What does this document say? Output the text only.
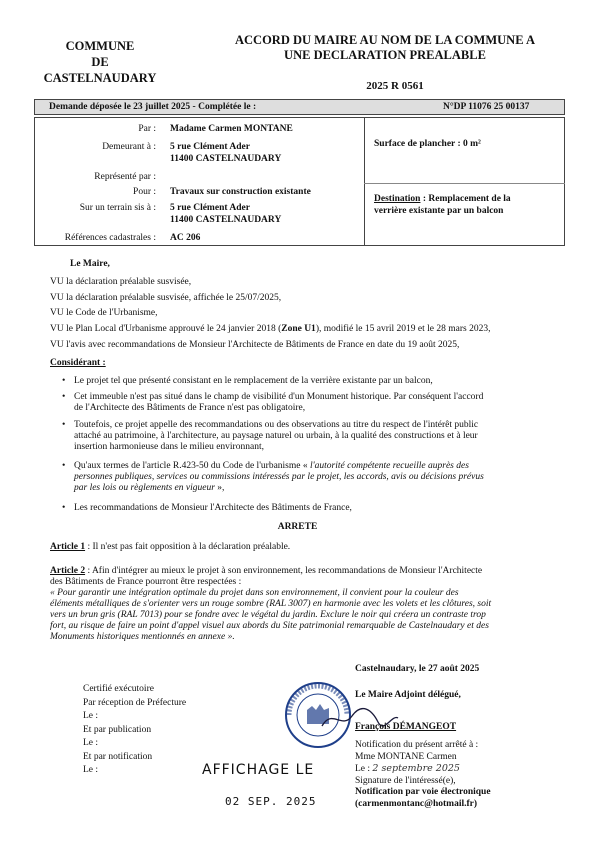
COMMUNE
DE
CASTELNAUDARY
ACCORD DU MAIRE AU NOM DE LA COMMUNE A
UNE DECLARATION PREALABLE
2025 R 0561
Demande déposée le 23 juillet 2025 - Complétée le :	N°DP 11076 25 00137
Par : Madame Carmen MONTANE
Demeurant à : 5 rue Clément Ader
11400 CASTELNAUDARY
Représenté par :
Pour : Travaux sur construction existante
Sur un terrain sis à : 5 rue Clément Ader
11400 CASTELNAUDARY
Références cadastrales : AC 206
Surface de plancher : 0 m²
Destination : Remplacement de la
verrière existante par un balcon
Le Maire,
VU la déclaration préalable susvisée,
VU la déclaration préalable susvisée, affichée le 25/07/2025,
VU le Code de l'Urbanisme,
VU le Plan Local d'Urbanisme approuvé le 24 janvier 2018 (Zone U1), modifié le 15 avril 2019 et le 28 mars 2023,
VU l'avis avec recommandations de Monsieur l'Architecte de Bâtiments de France en date du 19 août 2025,
Considérant :
• Le projet tel que présenté consistant en le remplacement de la verrière existante par un balcon,
• Cet immeuble n'est pas situé dans le champ de visibilité d'un Monument historique. Par conséquent l'accord
de l'Architecte des Bâtiments de France n'est pas obligatoire,
• Toutefois, ce projet appelle des recommandations ou des observations au titre du respect de l'intérêt public
attaché au patrimoine, à l'architecture, au paysage naturel ou urbain, à la qualité des constructions et à leur
insertion harmonieuse dans le milieu environnant,
• Qu'aux termes de l'article R.423-50 du Code de l'urbanisme « l'autorité compétente recueille auprès des
personnes publiques, services ou commissions intéressés par le projet, les accords, avis ou décisions prévus
par les lois ou règlements en vigueur »,
• Les recommandations de Monsieur l'Architecte des Bâtiments de France,
ARRETE
Article 1 : Il n'est pas fait opposition à la déclaration préalable.
Article 2 : Afin d'intégrer au mieux le projet à son environnement, les recommandations de Monsieur l'Architecte
des Bâtiments de France pourront être respectées :
« Pour garantir une intégration optimale du projet dans son environnement, il convient pour la couleur des
éléments métalliques de s'orienter vers un rouge sombre (RAL 3007) en harmonie avec les volets et les clôtures, soit
vers un brun gris (RAL 7013) pour se fondre avec le végétal du jardin. Exclure le noir qui créera un contraste trop
fort, au risque de faire un point d'appel visuel aux abords du Site patrimonial remarquable de Castelnaudary et des
Monuments historiques mentionnés en annexe ».
Castelnaudary, le 27 août 2025
Le Maire Adjoint délégué,
François DÉMANGEOT
Notification du présent arrêté à :
Mme MONTANE Carmen
Le : 2 septembre 2025
Signature de l'intéressé(e),
Notification par voie électronique
(carmenmontanc@hotmail.fr)
Certifié exécutoire
Par réception de Préfecture
Le :
Et par publication
Le :
Et par notification
Le :	AFFICHAGE LE
02 SEP. 2025
